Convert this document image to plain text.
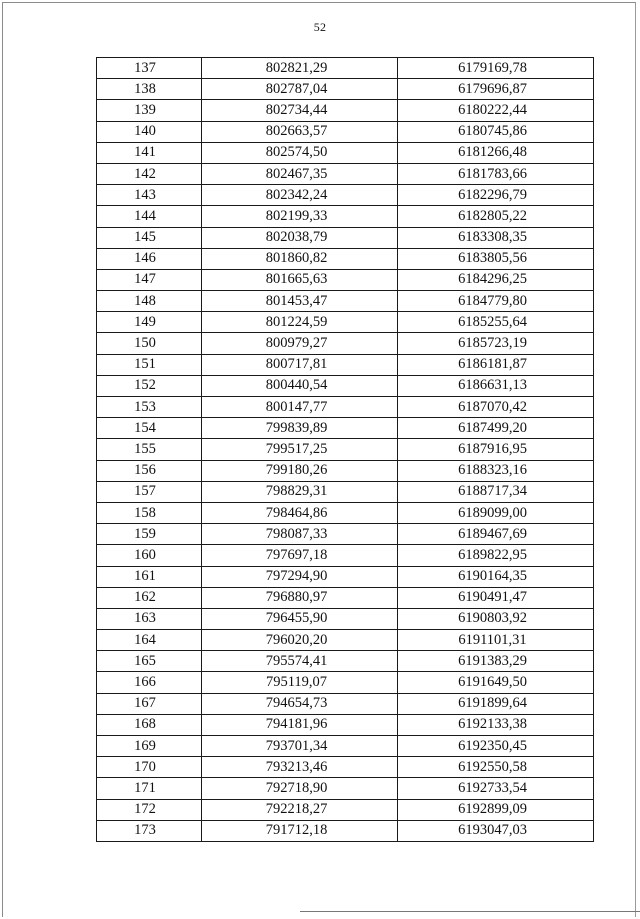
52
137	802821,29	6179169,78
138	802787,04	6179696,87
139	802734,44	6180222,44
140	802663,57	6180745,86
141	802574,50	6181266,48
142	802467,35	6181783,66
143	802342,24	6182296,79
144	802199,33	6182805,22
145	802038,79	6183308,35
146	801860,82	6183805,56
147	801665,63	6184296,25
148	801453,47	6184779,80
149	801224,59	6185255,64
150	800979,27	6185723,19
151	800717,81	6186181,87
152	800440,54	6186631,13
153	800147,77	6187070,42
154	799839,89	6187499,20
155	799517,25	6187916,95
156	799180,26	6188323,16
157	798829,31	6188717,34
158	798464,86	6189099,00
159	798087,33	6189467,69
160	797697,18	6189822,95
161	797294,90	6190164,35
162	796880,97	6190491,47
163	796455,90	6190803,92
164	796020,20	6191101,31
165	795574,41	6191383,29
166	795119,07	6191649,50
167	794654,73	6191899,64
168	794181,96	6192133,38
169	793701,34	6192350,45
170	793213,46	6192550,58
171	792718,90	6192733,54
172	792218,27	6192899,09
173	791712,18	6193047,03
